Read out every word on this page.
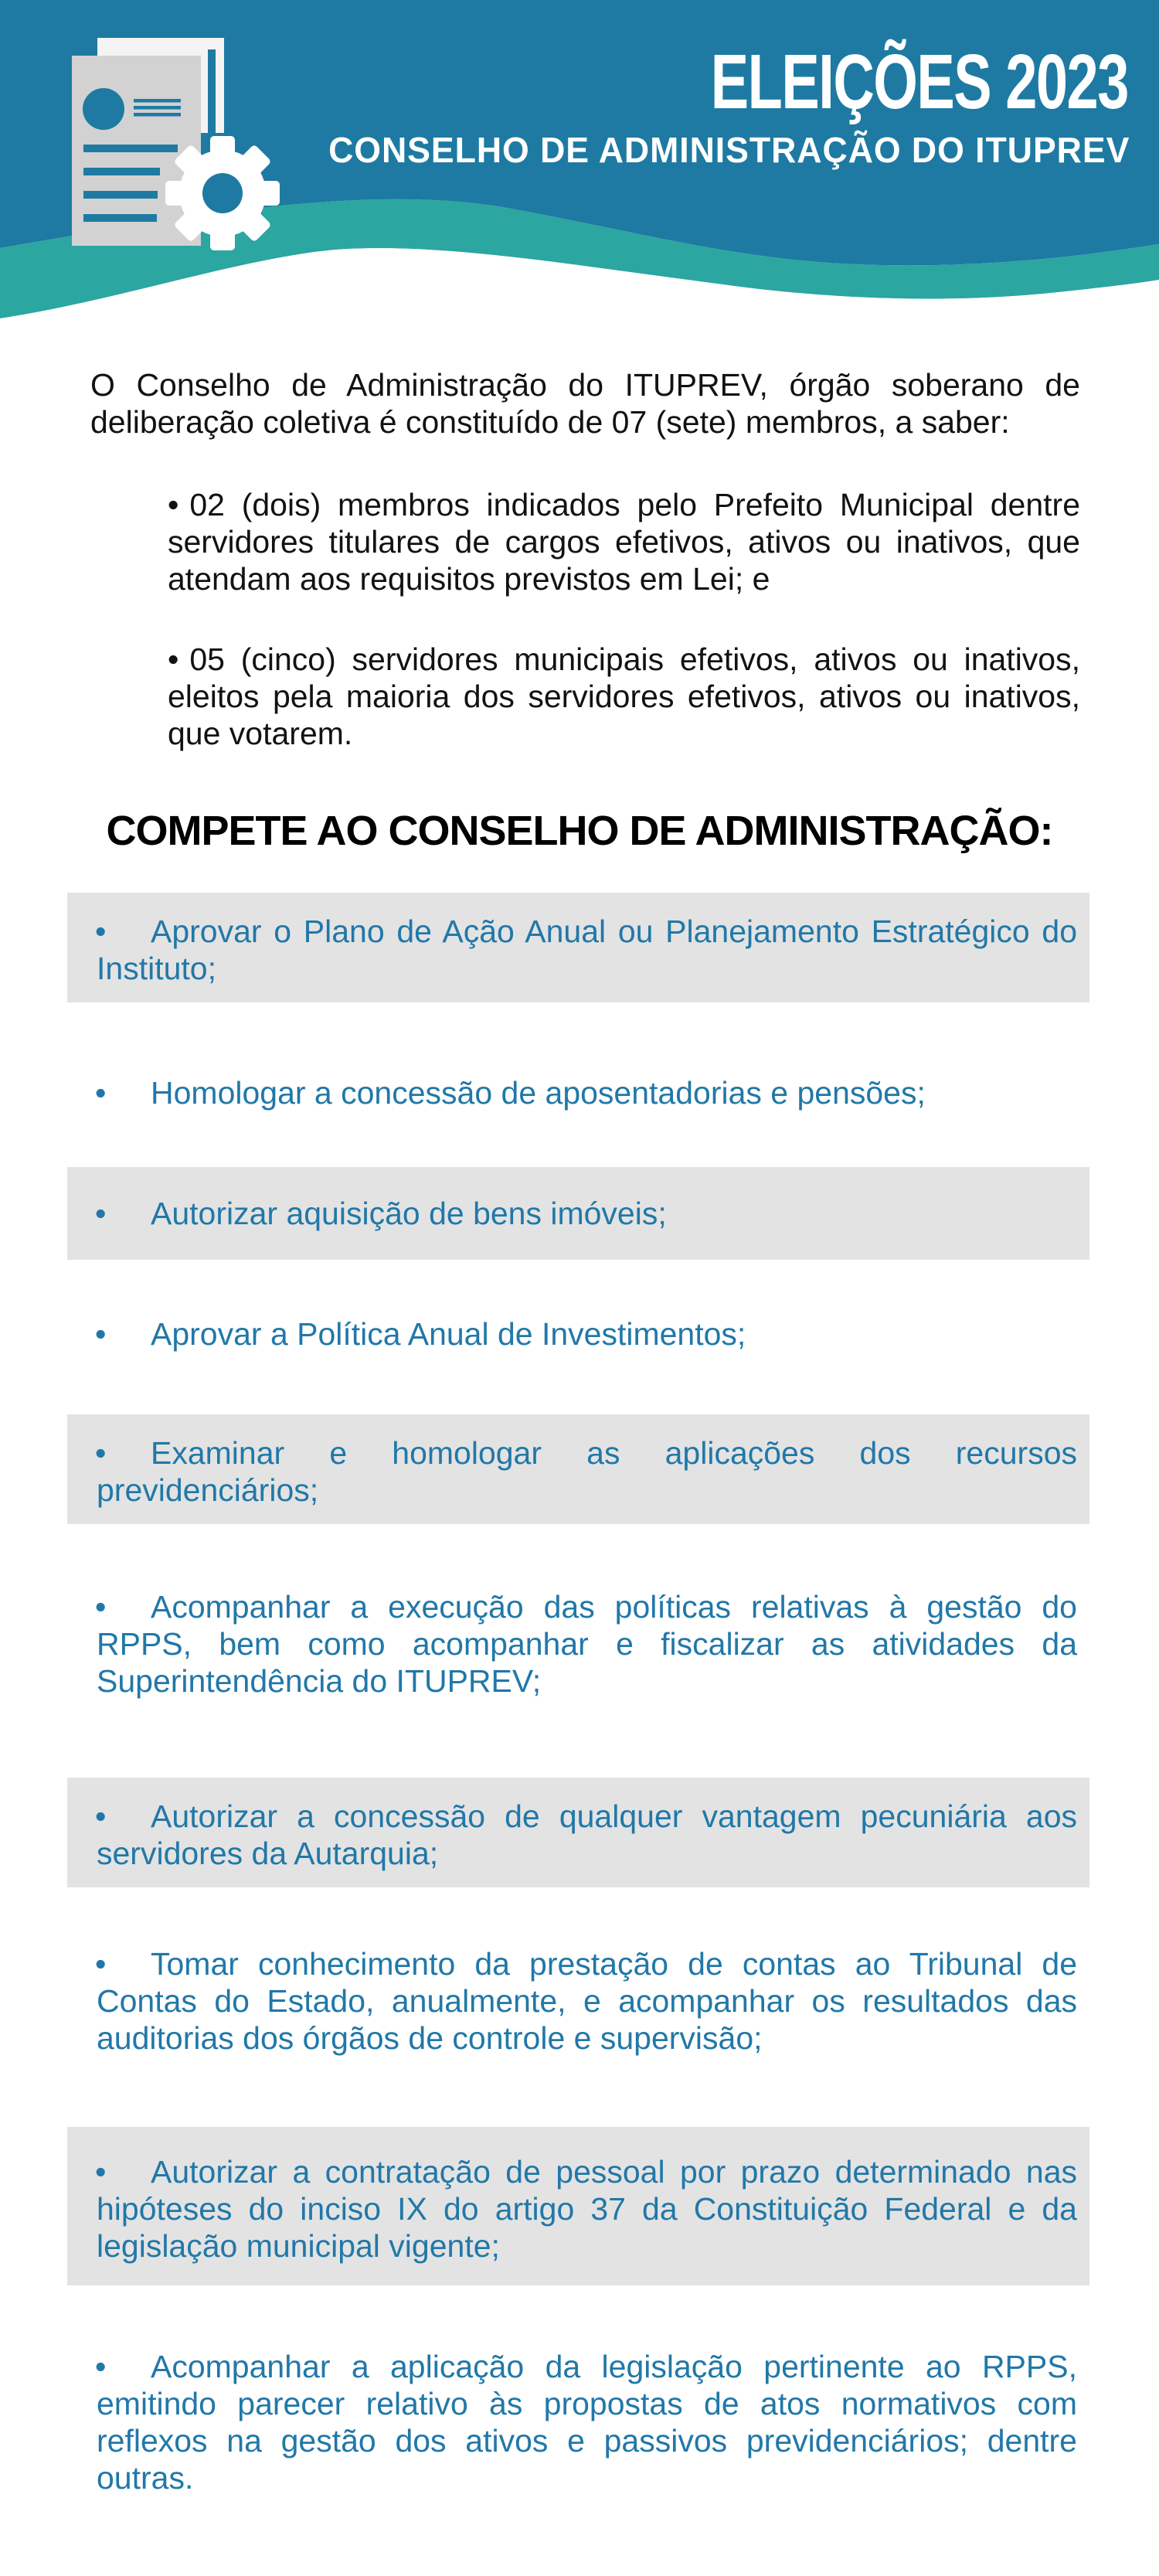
ELEIÇÕES 2023
CONSELHO DE ADMINISTRAÇÃO DO ITUPREV

O Conselho de Administração do ITUPREV, órgão soberano de deliberação coletiva é constituído de 07 (sete) membros, a saber:

• 02 (dois) membros indicados pelo Prefeito Municipal dentre servidores titulares de cargos efetivos, ativos ou inativos, que atendam aos requisitos previstos em Lei; e

• 05 (cinco) servidores municipais efetivos, ativos ou inativos, eleitos pela maioria dos servidores efetivos, ativos ou inativos, que votarem.

COMPETE AO CONSELHO DE ADMINISTRAÇÃO:
•	Aprovar o Plano de Ação Anual ou Planejamento Estratégico do Instituto;

•	Homologar a concessão de aposentadorias e pensões;

•	Autorizar aquisição de bens imóveis;

•	Aprovar a Política Anual de Investimentos;

•	Examinar e homologar as aplicações dos recursos previdenciários;

•	Acompanhar a execução das políticas relativas à gestão do RPPS, bem como acompanhar e fiscalizar as atividades da Superintendência do ITUPREV;

•	Autorizar a concessão de qualquer vantagem pecuniária aos servidores da Autarquia;

•	Tomar conhecimento da prestação de contas ao Tribunal de Contas do Estado, anualmente, e acompanhar os resultados das auditorias dos órgãos de controle e supervisão;

•	Autorizar a contratação de pessoal por prazo determinado nas hipóteses do inciso IX do artigo 37 da Constituição Federal e da legislação municipal vigente;

•	Acompanhar a aplicação da legislação pertinente ao RPPS, emitindo parecer relativo às propostas de atos normativos com reflexos na gestão dos ativos e passivos previdenciários; dentre outras.
